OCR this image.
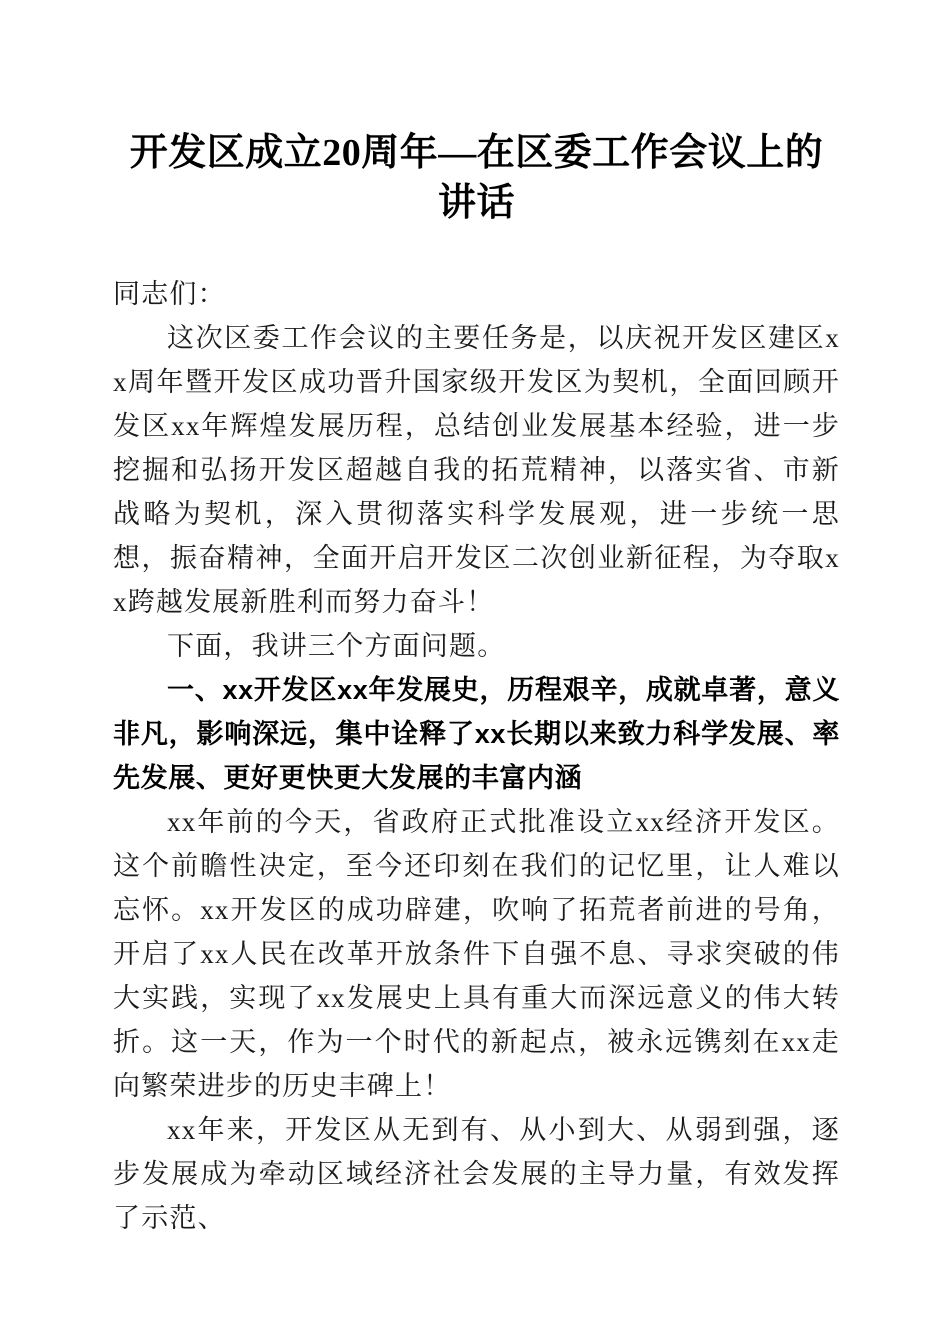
开发区成立20周年—在区委工作会议上的讲话

同志们：

这次区委工作会议的主要任务是，以庆祝开发区建区xx周年暨开发区成功晋升国家级开发区为契机，全面回顾开发区xx年辉煌发展历程，总结创业发展基本经验，进一步挖掘和弘扬开发区超越自我的拓荒精神，以落实省、市新战略为契机，深入贯彻落实科学发展观，进一步统一思想，振奋精神，全面开启开发区二次创业新征程，为夺取xx跨越发展新胜利而努力奋斗！

下面，我讲三个方面问题。

一、xx开发区xx年发展史，历程艰辛，成就卓著，意义非凡，影响深远，集中诠释了xx长期以来致力科学发展、率先发展、更好更快更大发展的丰富内涵

xx年前的今天，省政府正式批准设立xx经济开发区。这个前瞻性决定，至今还印刻在我们的记忆里，让人难以忘怀。xx开发区的成功辟建，吹响了拓荒者前进的号角，开启了xx人民在改革开放条件下自强不息、寻求突破的伟大实践，实现了xx发展史上具有重大而深远意义的伟大转折。这一天，作为一个时代的新起点，被永远镌刻在xx走向繁荣进步的历史丰碑上！

xx年来，开发区从无到有、从小到大、从弱到强，逐步发展成为牵动区域经济社会发展的主导力量，有效发挥了示范、
